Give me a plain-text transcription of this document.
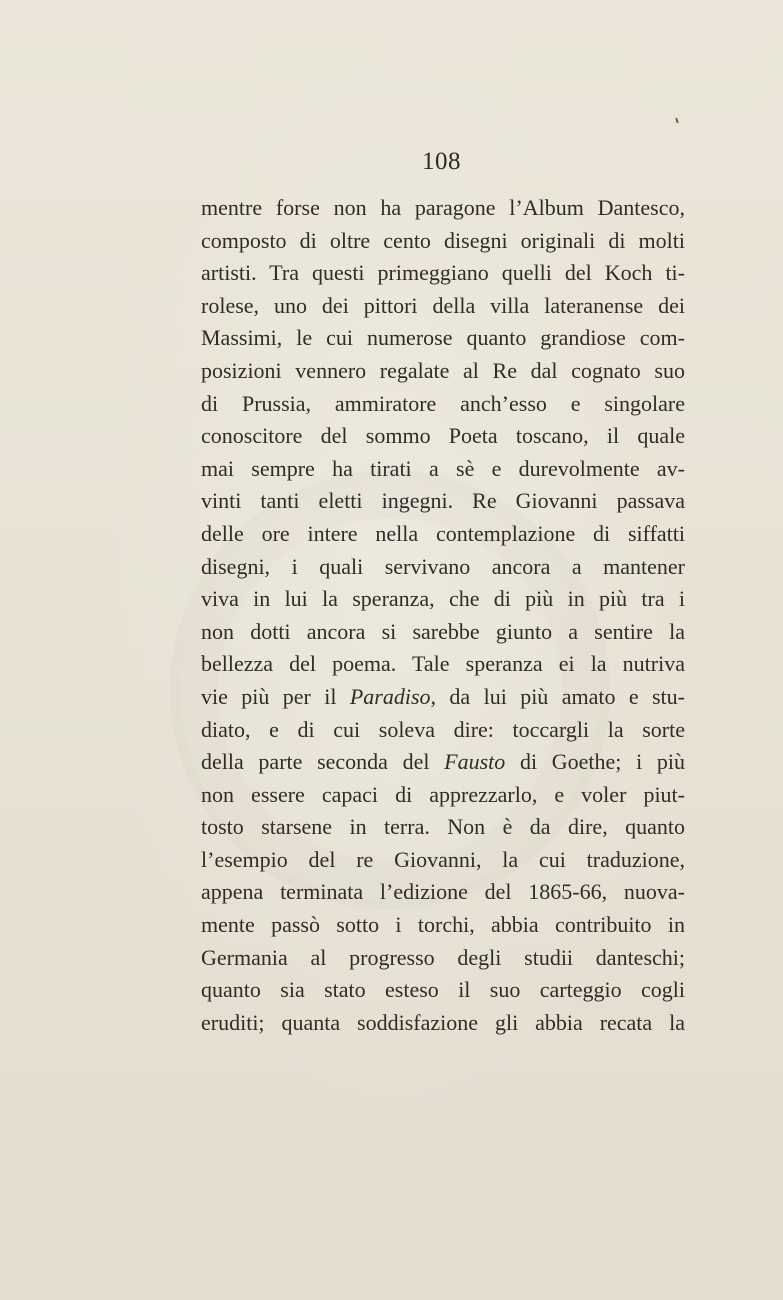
108
mentre forse non ha paragone l’Album Dantesco,
composto di oltre cento disegni originali di molti
artisti. Tra questi primeggiano quelli del Koch ti-
rolese, uno dei pittori della villa lateranense dei
Massimi, le cui numerose quanto grandiose com-
posizioni vennero regalate al Re dal cognato suo
di Prussia, ammiratore anch’esso e singolare
conoscitore del sommo Poeta toscano, il quale
mai sempre ha tirati a sè e durevolmente av-
vinti tanti eletti ingegni. Re Giovanni passava
delle ore intere nella contemplazione di siffatti
disegni, i quali servivano ancora a mantener
viva in lui la speranza, che di più in più tra i
non dotti ancora si sarebbe giunto a sentire la
bellezza del poema. Tale speranza ei la nutriva
vie più per il Paradiso, da lui più amato e stu-
diato, e di cui soleva dire: toccargli la sorte
della parte seconda del Fausto di Goethe; i più
non essere capaci di apprezzarlo, e voler piut-
tosto starsene in terra. Non è da dire, quanto
l’esempio del re Giovanni, la cui traduzione,
appena terminata l’edizione del 1865-66, nuova-
mente passò sotto i torchi, abbia contribuito in
Germania al progresso degli studii danteschi;
quanto sia stato esteso il suo carteggio cogli
eruditi; quanta soddisfazione gli abbia recata la
